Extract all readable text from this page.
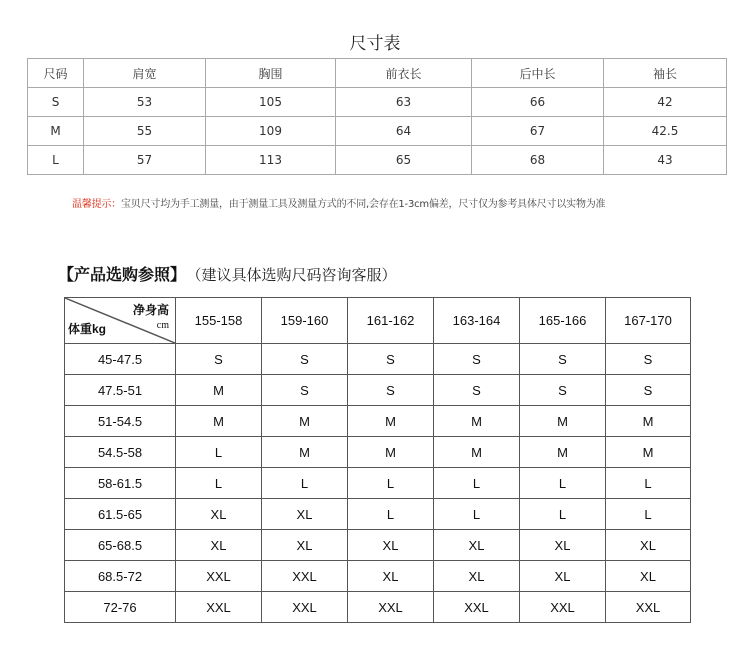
尺寸表
尺码	肩宽	胸围	前衣长	后中长	袖长
S	53	105	63	66	42
M	55	109	64	67	42.5
L	57	113	65	68	43
温馨提示：宝贝尺寸均为手工测量，由于测量工具及测量方式的不同,会存在1-3cm偏差，尺寸仅为参考具体尺寸以实物为准
【产品选购参照】 （建议具体选购尺码咨询客服）
净身高
cm
体重kg	155-158	159-160	161-162	163-164	165-166	167-170
45-47.5	S	S	S	S	S	S
47.5-51	M	S	S	S	S	S
51-54.5	M	M	M	M	M	M
54.5-58	L	M	M	M	M	M
58-61.5	L	L	L	L	L	L
61.5-65	XL	XL	L	L	L	L
65-68.5	XL	XL	XL	XL	XL	XL
68.5-72	XXL	XXL	XL	XL	XL	XL
72-76	XXL	XXL	XXL	XXL	XXL	XXL
